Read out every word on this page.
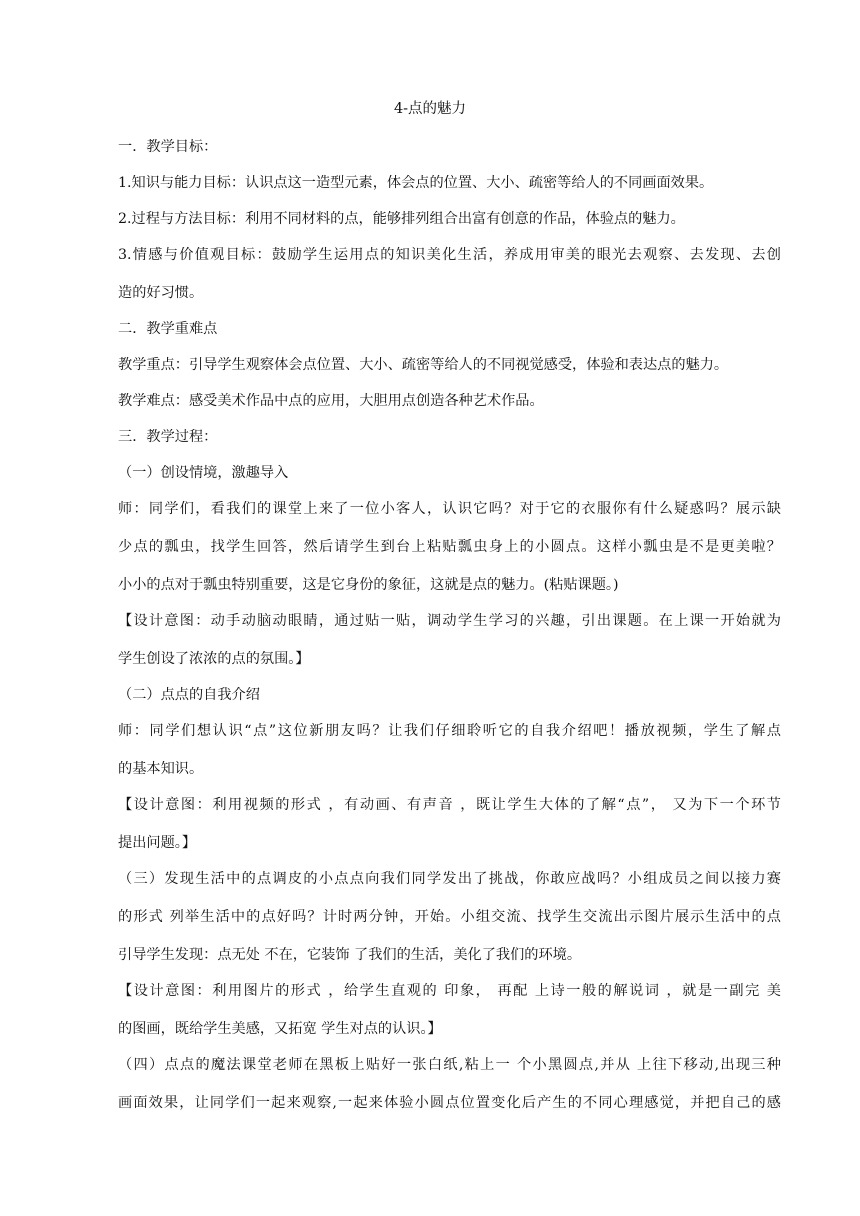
4-点的魅力
一．教学目标：
1.知识与能力目标：认识点这一造型元素，体会点的位置、大小、疏密等给人的不同画面效果。
2.过程与方法目标：利用不同材料的点，能够排列组合出富有创意的作品，体验点的魅力。
3.情感与价值观目标：鼓励学生运用点的知识美化生活，养成用审美的眼光去观察、去发现、去创
造的好习惯。
二．教学重难点
教学重点：引导学生观察体会点位置、大小、疏密等给人的不同视觉感受，体验和表达点的魅力。
教学难点：感受美术作品中点的应用，大胆用点创造各种艺术作品。
三．教学过程：
（一）创设情境，激趣导入
师：同学们，看我们的课堂上来了一位小客人，认识它吗？对于它的衣服你有什么疑惑吗？展示缺
少点的瓢虫，找学生回答，然后请学生到台上粘贴瓢虫身上的小圆点。这样小瓢虫是不是更美啦？
小小的点对于瓢虫特别重要，这是它身份的象征，这就是点的魅力。(粘贴课题。)
【设计意图：动手动脑动眼睛，通过贴一贴，调动学生学习的兴趣，引出课题。在上课一开始就为
学生创设了浓浓的点的氛围。】
（二）点点的自我介绍
师：同学们想认识“点”这位新朋友吗？让我们仔细聆听它的自我介绍吧！播放视频，学生了解点
的基本知识。
【设计意图：利用视频的形式 ，有动画、有声音 ，既让学生大体的了解“点”， 又为下一个环节
提出问题。】
（三）发现生活中的点调皮的小点点向我们同学发出了挑战，你敢应战吗？小组成员之间以接力赛
的形式 列举生活中的点好吗？计时两分钟，开始。小组交流、找学生交流出示图片展示生活中的点
引导学生发现：点无处 不在，它装饰 了我们的生活，美化了我们的环境。
【设计意图：利用图片的形式 ，给学生直观的 印象， 再配 上诗一般的解说词 ，就是一副完 美
的图画，既给学生美感，又拓宽 学生对点的认识。】
（四）点点的魔法课堂老师在黑板上贴好一张白纸,粘上一 个小黑圆点,并从 上往下移动,出现三种
画面效果，让同学们一起来观察,一起来体验小圆点位置变化后产生的不同心理感觉，并把自己的感
